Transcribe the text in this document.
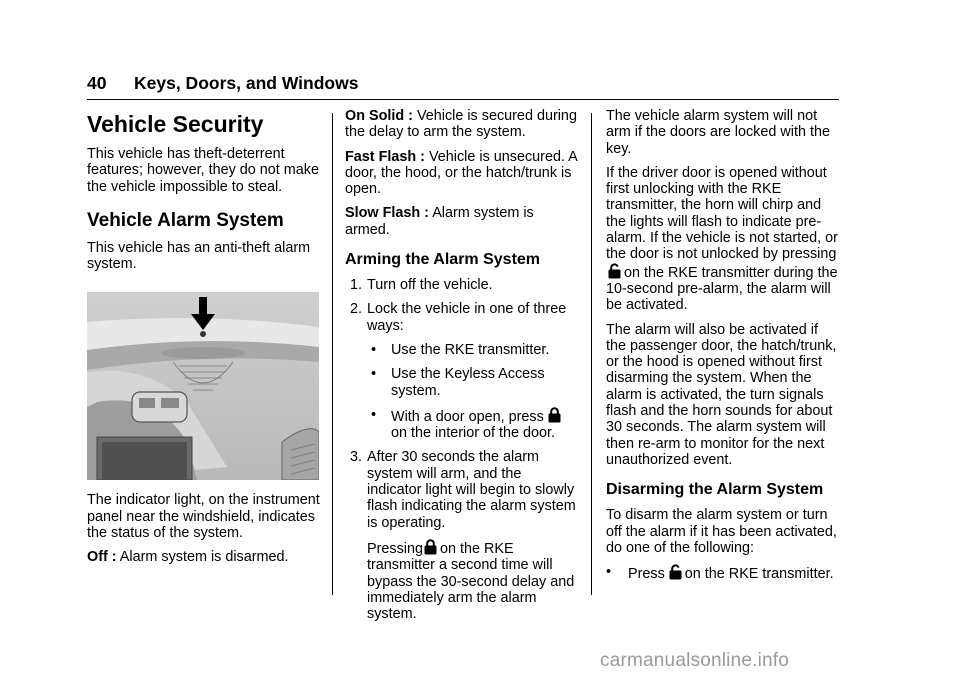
40 Keys, Doors, and Windows
Vehicle Security

This vehicle has theft-deterrent features; however, they do not make the vehicle impossible to steal.

Vehicle Alarm System

This vehicle has an anti-theft alarm system.

The indicator light, on the instrument panel near the windshield, indicates the status of the system.

Off : Alarm system is disarmed.

On Solid : Vehicle is secured during the delay to arm the system.

Fast Flash : Vehicle is unsecured. A door, the hood, or the hatch/trunk is open.

Slow Flash : Alarm system is armed.

Arming the Alarm System
1. Turn off the vehicle.
2. Lock the vehicle in one of three ways:
• Use the RKE transmitter.
• Use the Keyless Access system.
• With a door open, press
on the interior of the door.
3. After 30 seconds the alarm system will arm, and the indicator light will begin to slowly flash indicating the alarm system is operating.
Pressing on the RKE transmitter a second time will bypass the 30-second delay and immediately arm the alarm system.

The vehicle alarm system will not arm if the doors are locked with the key.

If the driver door is opened without first unlocking with the RKE transmitter, the horn will chirp and the lights will flash to indicate pre-alarm. If the vehicle is not started, or the door is not unlocked by pressing
on the RKE transmitter during the 10-second pre-alarm, the alarm will be activated.

The alarm will also be activated if the passenger door, the hatch/trunk, or the hood is opened without first disarming the system. When the alarm is activated, the turn signals flash and the horn sounds for about 30 seconds. The alarm system will then re-arm to monitor for the next unauthorized event.

Disarming the Alarm System

To disarm the alarm system or turn off the alarm if it has been activated, do one of the following:

• Press on the RKE transmitter.
carmanualsonline.info
